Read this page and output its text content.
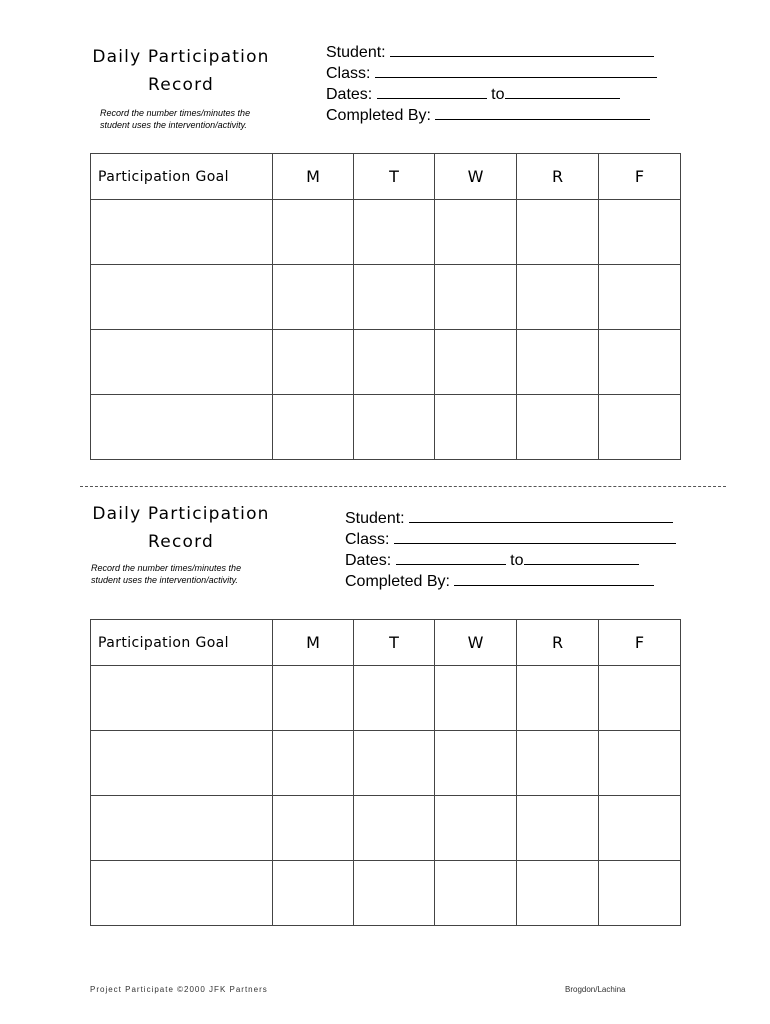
Daily Participation
Record
Record the number times/minutes the
student uses the intervention/activity.
Student:
Class:
Dates:	to
Completed By:
Participation Goal	M	T	W	R	F

Daily Participation
Record
Record the number times/minutes the
student uses the intervention/activity.
Student:
Class:
Dates:	to
Completed By:
Participation Goal	M	T	W	R	F

Project Participate ©2000 JFK Partners	Brogdon/Lachina
